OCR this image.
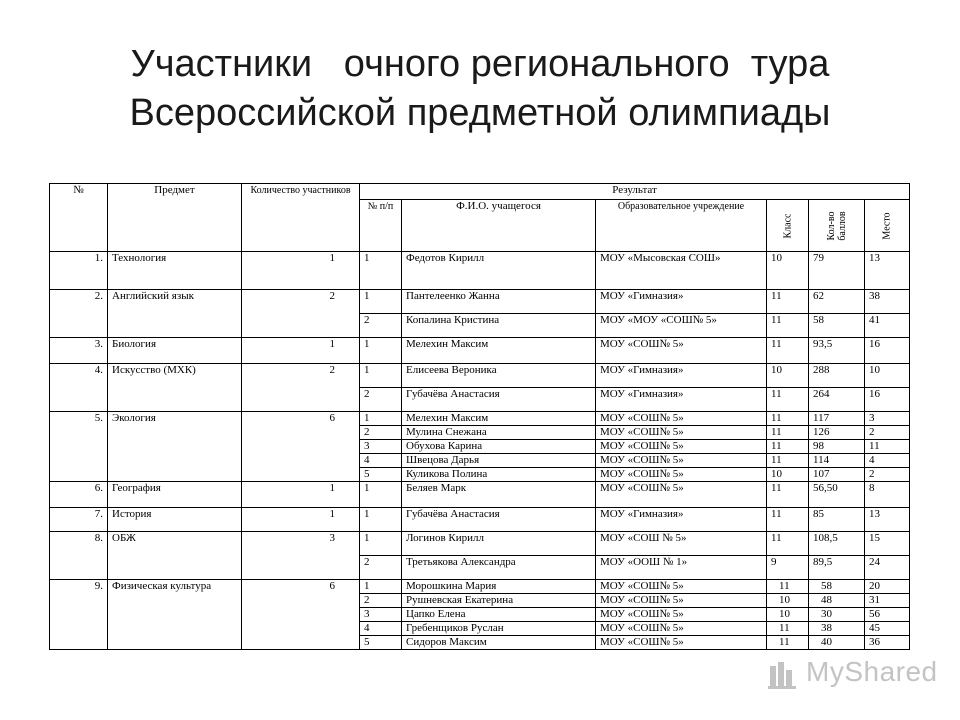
Участники   очного регионального  тура
Всероссийской предметной олимпиады
№	Предмет	Количество участников	Результат					
			№ п/п	Ф.И.О. учащегося	Образовательное учреждение	Класс	Кол-во баллов	Место

1.	Технология	1	1	Федотов Кирилл	МОУ «Мысовская СОШ»	10	79	13
2.	Английский язык	2	1	Пантелеенко Жанна	МОУ «Гимназия»	11	62	38
			2	Копалина Кристина	МОУ «МОУ «СОШ№ 5»	11	58	41
3.	Биология	1	1	Мелехин Максим	МОУ «СОШ№ 5»	11	93,5	16
4.	Искусство (МХК)	2	1	Елисеева Вероника	МОУ «Гимназия»	10	288	10
			2	Губачёва Анастасия	МОУ «Гимназия»	11	264	16
5.	Экология	6	1	Мелехин Максим	МОУ «СОШ№ 5»	11	117	3
			2	Мулина Снежана	МОУ «СОШ№ 5»	11	126	2
			3	Обухова Карина	МОУ «СОШ№ 5»	11	98	11
			4	Швецова Дарья	МОУ «СОШ№ 5»	11	114	4
			5	Куликова Полина	МОУ «СОШ№ 5»	10	107	2
6.	География	1	1	Беляев Марк	МОУ «СОШ№ 5»	11	56,50	8
7.	История	1	1	Губачёва Анастасия	МОУ «Гимназия»	11	85	13
8.	ОБЖ	3	1	Логинов Кирилл	МОУ «СОШ № 5»	11	108,5	15
			2	Третьякова Александра	МОУ «ООШ № 1»	9	89,5	24
9.	Физическая культура	6	1	Морошкина Мария	МОУ «СОШ№ 5»	11	58	20
			2	Рушневская Екатерина	МОУ «СОШ№ 5»	10	48	31
			3	Цапко Елена	МОУ «СОШ№ 5»	10	30	56
			4	Гребенщиков Руслан	МОУ «СОШ№ 5»	11	38	45
			5	Сидоров Максим	МОУ «СОШ№ 5»	11	40	36
MyShared
